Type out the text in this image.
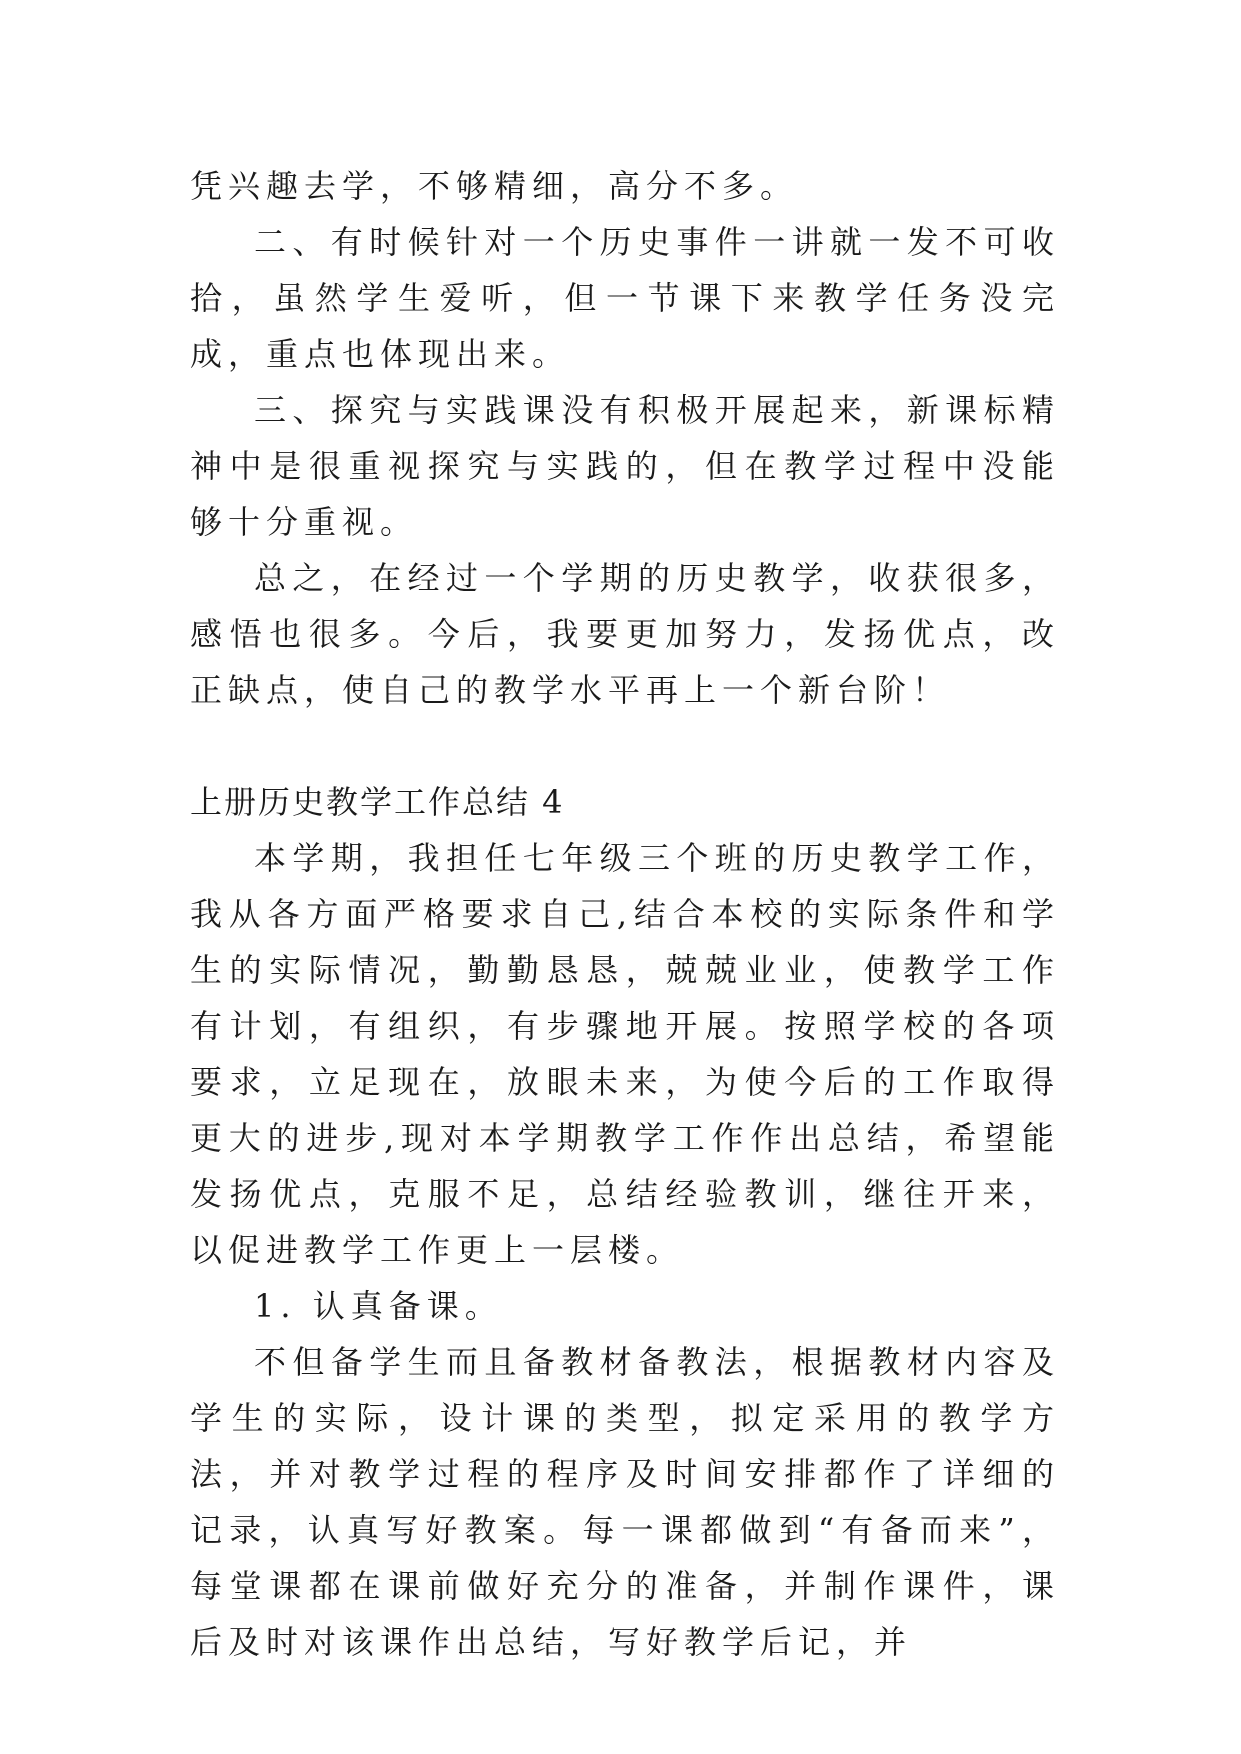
凭兴趣去学，不够精细，高分不多。

二、有时候针对一个历史事件一讲就一发不可收拾，虽然学生爱听，但一节课下来教学任务没完成，重点也体现出来。

三、探究与实践课没有积极开展起来，新课标精神中是很重视探究与实践的，但在教学过程中没能够十分重视。

总之，在经过一个学期的历史教学，收获很多，感悟也很多。今后，我要更加努力，发扬优点，改正缺点，使自己的教学水平再上一个新台阶！

上册历史教学工作总结 4

本学期，我担任七年级三个班的历史教学工作，我从各方面严格要求自己,结合本校的实际条件和学生的实际情况，勤勤恳恳，兢兢业业，使教学工作有计划，有组织，有步骤地开展。按照学校的各项要求，立足现在，放眼未来，为使今后的工作取得更大的进步,现对本学期教学工作作出总结，希望能发扬优点，克服不足，总结经验教训，继往开来，以促进教学工作更上一层楼。

1. 认真备课。

不但备学生而且备教材备教法，根据教材内容及学生的实际，设计课的类型，拟定采用的教学方法，并对教学过程的程序及时间安排都作了详细的记录，认真写好教案。每一课都做到“有备而来”，每堂课都在课前做好充分的准备，并制作课件，课后及时对该课作出总结，写好教学后记，并
